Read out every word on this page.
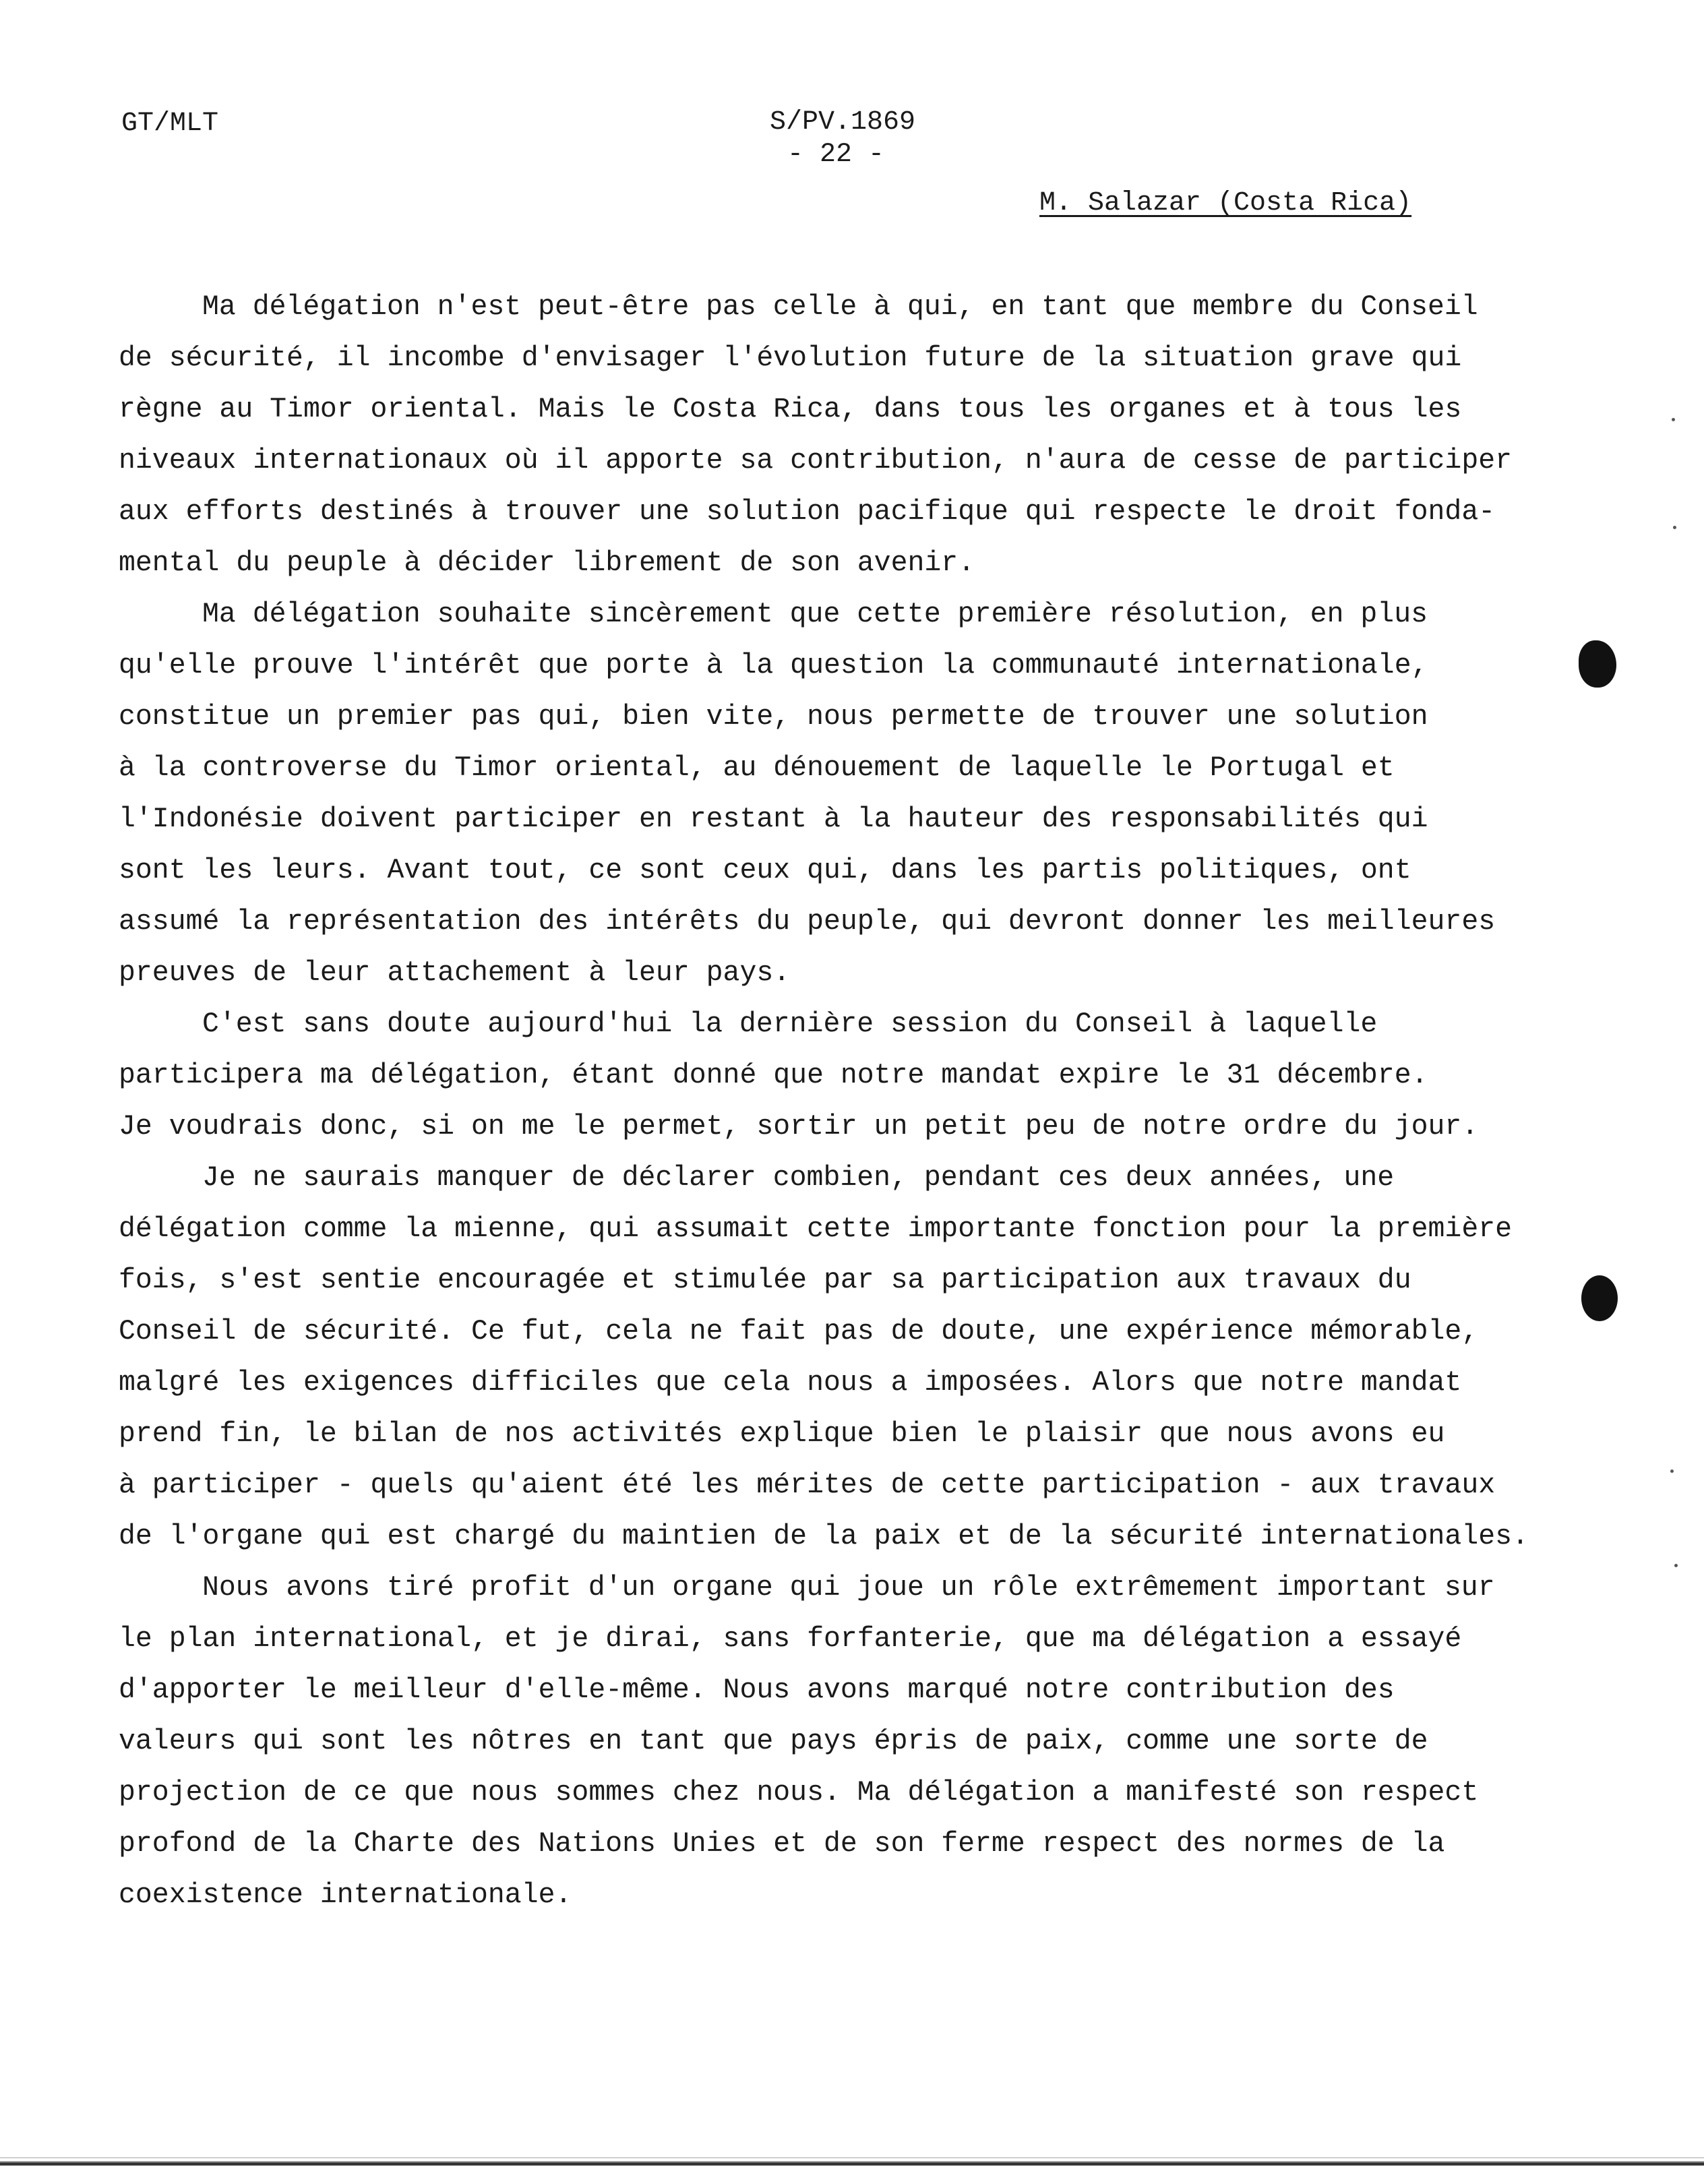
GT/MLT	S/PV.1869

- 22 -

M. Salazar (Costa Rica)

Ma délégation n'est peut-être pas celle à qui, en tant que membre du Conseil

de sécurité, il incombe d'envisager l'évolution future de la situation grave qui

règne au Timor oriental. Mais le Costa Rica, dans tous les organes et à tous les

niveaux internationaux où il apporte sa contribution, n'aura de cesse de participer

aux efforts destinés à trouver une solution pacifique qui respecte le droit fonda-

mental du peuple à décider librement de son avenir.

Ma délégation souhaite sincèrement que cette première résolution, en plus

qu'elle prouve l'intérêt que porte à la question la communauté internationale,

constitue un premier pas qui, bien vite, nous permette de trouver une solution

à la controverse du Timor oriental, au dénouement de laquelle le Portugal et

l'Indonésie doivent participer en restant à la hauteur des responsabilités qui

sont les leurs. Avant tout, ce sont ceux qui, dans les partis politiques, ont

assumé la représentation des intérêts du peuple, qui devront donner les meilleures

preuves de leur attachement à leur pays.

C'est sans doute aujourd'hui la dernière session du Conseil à laquelle

participera ma délégation, étant donné que notre mandat expire le 31 décembre.

Je voudrais donc, si on me le permet, sortir un petit peu de notre ordre du jour.

Je ne saurais manquer de déclarer combien, pendant ces deux années, une

délégation comme la mienne, qui assumait cette importante fonction pour la première

fois, s'est sentie encouragée et stimulée par sa participation aux travaux du

Conseil de sécurité. Ce fut, cela ne fait pas de doute, une expérience mémorable,

malgré les exigences difficiles que cela nous a imposées. Alors que notre mandat

prend fin, le bilan de nos activités explique bien le plaisir que nous avons eu

à participer - quels qu'aient été les mérites de cette participation - aux travaux

de l'organe qui est chargé du maintien de la paix et de la sécurité internationales.

Nous avons tiré profit d'un organe qui joue un rôle extrêmement important sur

le plan international, et je dirai, sans forfanterie, que ma délégation a essayé

d'apporter le meilleur d'elle-même. Nous avons marqué notre contribution des

valeurs qui sont les nôtres en tant que pays épris de paix, comme une sorte de

projection de ce que nous sommes chez nous. Ma délégation a manifesté son respect

profond de la Charte des Nations Unies et de son ferme respect des normes de la

coexistence internationale.
